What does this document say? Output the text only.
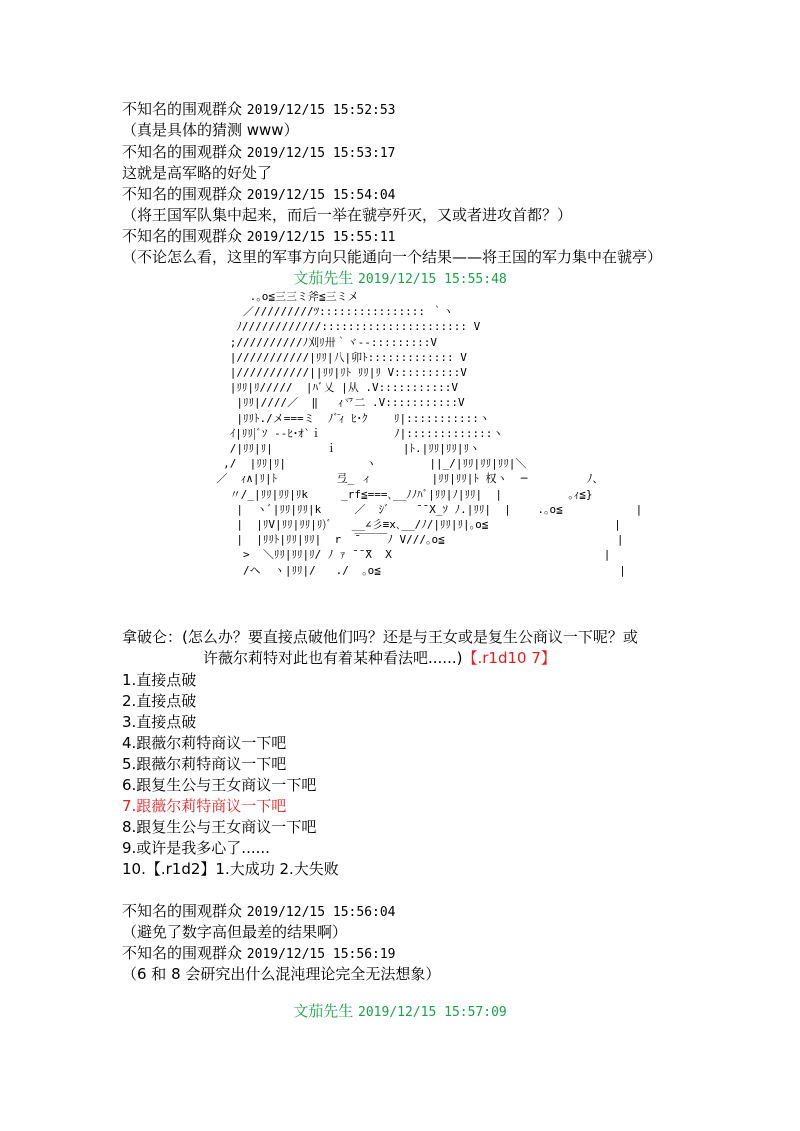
不知名的围观群众 2019/12/15 15:52:53
（真是具体的猜测 www）
不知名的围观群众 2019/12/15 15:53:17
这就是高军略的好处了
不知名的围观群众 2019/12/15 15:54:04
（将王国军队集中起来，而后一举在虢亭歼灭，又或者进攻首都？）
不知名的围观群众 2019/12/15 15:55:11
（不论怎么看，这里的军事方向只能通向一个结果——将王国的军力集中在虢亭）
文茄先生 2019/12/15 15:55:48
.｡o≦三三ミ斧≦三ミメ
／/////////ﾂ:::::::::::::::: ｀ヽ
ﾉ////////////:::::::::::::::::::::: V
;//////////ﾉ刈ﾘ卅｀ヾ--:::::::::V
|///////////|ﾘﾘ|八|卯ﾄ::::::::::::: V
|///////////||ﾘﾘ|ﾘﾄ ﾘﾘ|ﾘ V::::::::::V
|ﾘﾘ|ﾘ/////  |ﾊﾞ乂 |从 .V:::::::::::V
|ﾘﾘ|////／  ‖   ｨ乊二 .V:::::::::::V
|ﾘﾘﾄ./メ===ミ  ﾉﾞ̄ｨ ﾋ･ｸ    ﾘ|:::::::::::ヽ
ｲ|ﾘﾘ|ﾞｿ --ﾋ･ｵ`ｉ           ﾉ|:::::::::::::ヽ
/|ﾘﾘ|ﾘ|        ｉ          |ﾄ.|ﾘﾘ|ﾘﾘ|ﾘヽ
,/  |ﾘﾘ|ﾘ|            ヽ        ||_/|ﾘﾘ|ﾘﾘ|ﾘﾘ|＼
／  ｨ∧|ﾘ|ﾄ         弖_ ィ         |ﾘﾘ|ﾘﾘ|ﾄ 权ヽ  ─         ﾉ、
〃/_|ﾘﾘ|ﾘﾘ|ﾘk     _rf≦===､__ﾉﾉﾊﾞ|ﾘﾘ|ﾉ|ﾘﾘ|  |          ｡ｨ≦}
|  ヽﾞ|ﾘﾘ|ﾘﾘ|k     ／  ｼﾞ    ̄ ̄ X_ｿ ﾉ.|ﾘﾘ|  |    .｡o≦           |
|  |ﾘV|ﾘﾘ|ﾘﾘ|ﾘ)ﾞ   __∠彡≡x､__/ﾉ/|ﾘﾘ|ﾘ|｡o≦                   |
|  |ﾘﾘﾄ|ﾘﾘ|ﾘﾘ|  r  ̄￣￣￣ﾉ V///｡o≦                          |
>  ＼ﾘﾘ|ﾘﾘ|ﾘ/ ﾉ ｧ ̄ ̄ ̄X  X                                |
/ヘ  ヽ|ﾘﾘ|/   ./  ｡o≦                                    |
拿破仑：(怎么办？要直接点破他们吗？还是与王女或是复生公商议一下呢？或
许薇尔莉特对此也有着某种看法吧......)【.r1d10 7】
1.直接点破
2.直接点破
3.直接点破
4.跟薇尔莉特商议一下吧
5.跟薇尔莉特商议一下吧
6.跟复生公与王女商议一下吧
7.跟薇尔莉特商议一下吧
8.跟复生公与王女商议一下吧
9.或许是我多心了......
10.【.r1d2】1.大成功 2.大失败
不知名的围观群众 2019/12/15 15:56:04
（避免了数字高但最差的结果啊）
不知名的围观群众 2019/12/15 15:56:19
（6 和 8 会研究出什么混沌理论完全无法想象）
文茄先生 2019/12/15 15:57:09
